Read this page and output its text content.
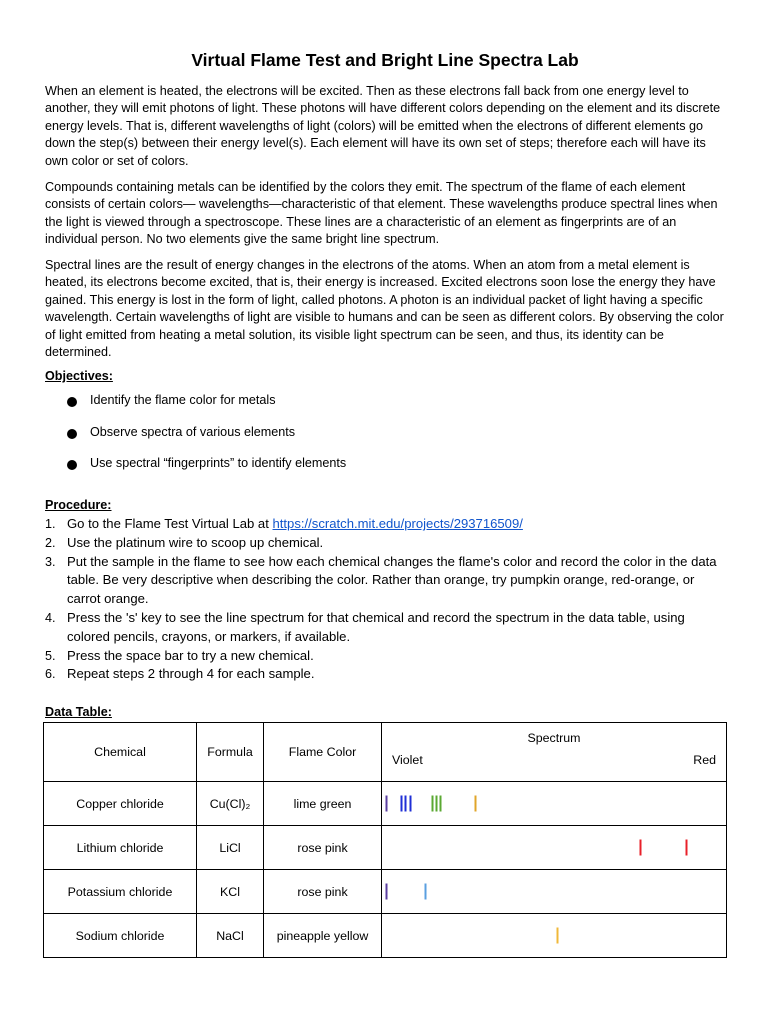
Virtual Flame Test and Bright Line Spectra Lab

When an element is heated, the electrons will be excited. Then as these electrons fall back from one energy level to another, they will emit photons of light. These photons will have different colors depending on the element and its discrete energy levels. That is, different wavelengths of light (colors) will be emitted when the electrons of different elements go down the step(s) between their energy level(s). Each element will have its own set of steps; therefore each will have its own color or set of colors.

Compounds containing metals can be identified by the colors they emit. The spectrum of the flame of each element consists of certain colors— wavelengths—characteristic of that element. These wavelengths produce spectral lines when the light is viewed through a spectroscope. These lines are a characteristic of an element as fingerprints are of an individual person. No two elements give the same bright line spectrum.

Spectral lines are the result of energy changes in the electrons of the atoms. When an atom from a metal element is heated, its electrons become excited, that is, their energy is increased. Excited electrons soon lose the energy they have gained. This energy is lost in the form of light, called photons. A photon is an individual packet of light having a specific wavelength. Certain wavelengths of light are visible to humans and can be seen as different colors. By observing the color of light emitted from heating a metal solution, its visible light spectrum can be seen, and thus, its identity can be determined.

Objectives:
Identify the flame color for metals
Observe spectra of various elements
Use spectral “fingerprints” to identify elements
Procedure:
1. Go to the Flame Test Virtual Lab at https://scratch.mit.edu/projects/293716509/
2. Use the platinum wire to scoop up chemical.
3. Put the sample in the flame to see how each chemical changes the flame's color and record the color in the data table. Be very descriptive when describing the color. Rather than orange, try pumpkin orange, red-orange, or carrot orange.
4. Press the 's' key to see the line spectrum for that chemical and record the spectrum in the data table, using colored pencils, crayons, or markers, if available.
5. Press the space bar to try a new chemical.
6. Repeat steps 2 through 4 for each sample.
Data Table:
Chemical	Formula	Flame Color	Spectrum
Violet Red

Copper chloride	Cu(Cl)₂	lime green	

Lithium chloride	LiCl	rose pink	

Potassium chloride	KCl	rose pink	

Sodium chloride	NaCl	pineapple yellow	
